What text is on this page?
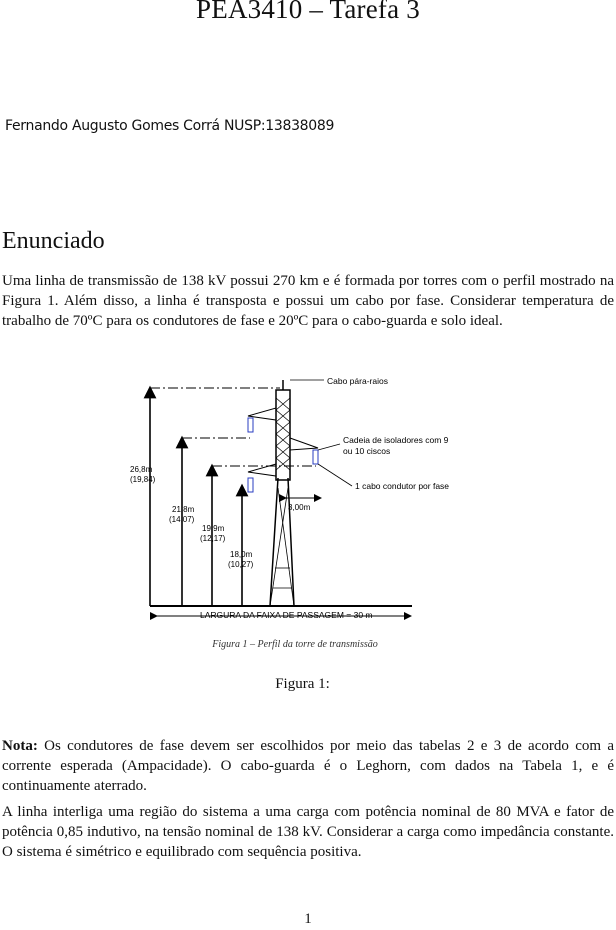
PEA3410 – Tarefa 3
Fernando Augusto Gomes Corrá NUSP:13838089
Enunciado
Uma linha de transmissão de 138 kV possui 270 km e é formada por torres com o perfil mostrado na Figura 1. Além disso, a linha é transposta e possui um cabo por fase. Considerar temperatura de trabalho de 70ºC para os condutores de fase e 20ºC para o cabo-guarda e solo ideal.
Cabo pára-raios
Cadeia de isoladores com 9
ou 10 ciscos
1 cabo condutor por fase
26,8m
(19,84)
21,8m
(14,07)
19,9m
(12,17)
18,0m
(10,27)
3,00m
LARGURA DA FAIXA DE PASSAGEM = 30 m
Figura 1 – Perfil da torre de transmissão
Figura 1:
Nota: Os condutores de fase devem ser escolhidos por meio das tabelas 2 e 3 de acordo com a corrente esperada (Ampacidade). O cabo-guarda é o Leghorn, com dados na Tabela 1, e é continuamente aterrado.
A linha interliga uma região do sistema a uma carga com potência nominal de 80 MVA e fator de potência 0,85 indutivo, na tensão nominal de 138 kV. Considerar a carga como impedância constante. O sistema é simétrico e equilibrado com sequência positiva.
1
